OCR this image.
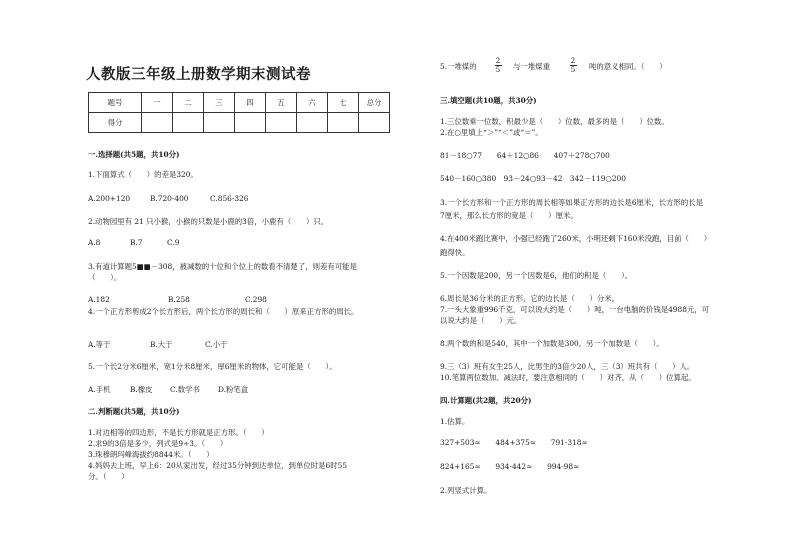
人教版三年级上册数学期末测试卷
题号	一	二	三	四	五	六	七	总分
得分								
一.选择题(共5题，共10分)
1.下面算式（　　）的差是320。
A.200+120	B.720-400	C.856-326
2.动物园里有 21 只小猴，小猴的只数是小鹿的3倍，小鹿有（　　）只。
A.8	B.7	C.9
3.有道计算题5■■－308，被减数的十位和个位上的数看不清楚了，则差有可能是
（　　）。
A.182	B.258	C.298
4.一个正方形剪成2个长方形后，两个长方形的周长和（　　）原来正方形的周长。
A.等于	B.大于	C.小于
5.一个长2分米6厘米，宽1分米8厘米，厚6厘米的物体，它可能是（　　）。
A.手机	B.橡皮 C.数学书 D.粉笔盒
二.判断题(共5题，共10分)
1.对边相等的四边形，不是长方形就是正方形。（　　）
2.求9的3倍是多少，列式是9÷3。（　　）
3.珠穆朗玛峰海拔约8844米。（　　）
4.妈妈去上班，早上6：20从家出发，经过35分钟到达单位，到单位时是6时55
分。（　　）
5.一堆煤的
2
5 与一堆煤重
2
5 吨的意义相同。（　　）
三.填空题(共10题，共30分)
1.三位数乘一位数，积最少是（　　）位数，最多的是（　　）位数。
2.在○里填上“＞”“＜”或“＝”。
81－18○77　　64＋12○86　　407＋278○700
540－160○380　93－24○93－42　342－119○200
3.一个长方形和一个正方形的周长相等如果正方形的边长是6厘米，长方形的长是
7厘米，那么长方形的宽是（　　）厘米。
4.在400米跑比赛中，小强已经跑了260米，小明还剩下160米没跑，目前（　　）
跑得快。
5.一个因数是200，另一个因数是6，他们的积是（　　）。
6.周长是36分米的正方形，它的边长是（　　）分米。
7.一头大象重996千克，可以说大约是（　　）吨，一台电脑的价钱是4988元，可
以说大约是（　　）元。
8.两个数的和是540，其中一个加数是300，另一个加数是（　　）。
9.三（3）班有女生25人，比男生的3倍少20人，三（3）班共有（　　）人。
10.笔算两位数加、减法时，要注意相同的（　　）对齐，从（　　）位算起。
四.计算题(共2题，共20分)
1.估算。
327+503≈　　484+375≈　　791-318≈
824+165≈　　934-442≈　　994-98≈
2.列竖式计算。
